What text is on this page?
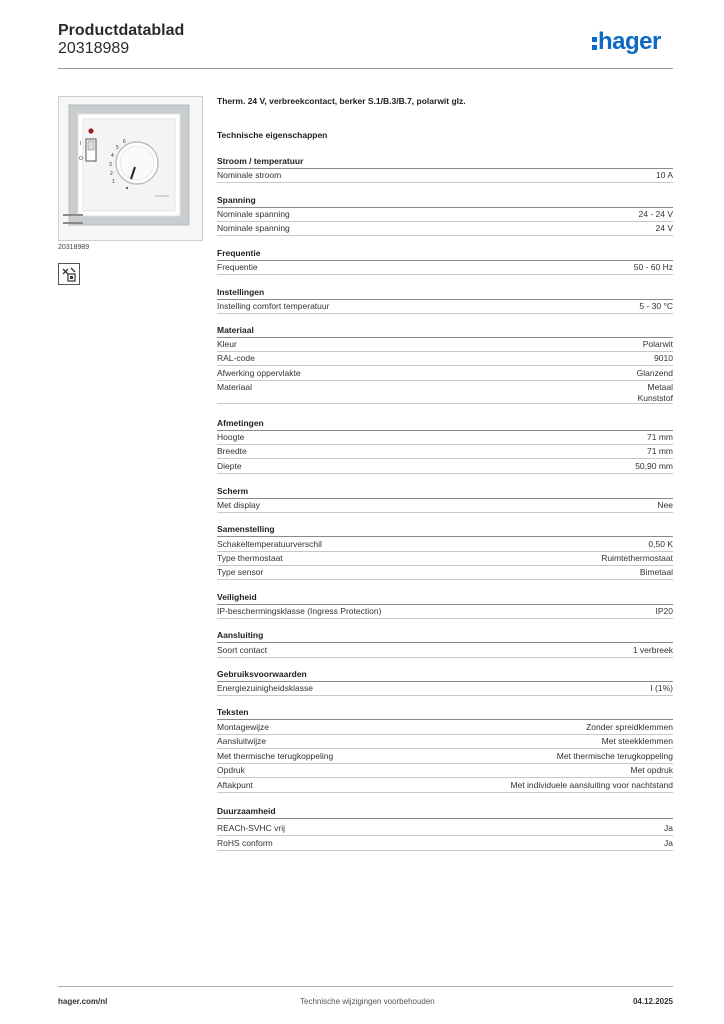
Productdatablad
20318989	hager
I
O
1
2
3
4
5
6
20318989
Therm. 24 V, verbreekcontact, berker S.1/B.3/B.7, polarwit glz.
Technische eigenschappen
Stroom / temperatuur
Nominale stroom	10 A
Spanning
Nominale spanning	24 - 24 V
Nominale spanning	24 V
Frequentie
Frequentie	50 - 60 Hz
Instellingen
Instelling comfort temperatuur	5 - 30 °C
Materiaal
Kleur	Polarwit
RAL-code	9010
Afwerking oppervlakte	Glanzend
Materiaal	Metaal
Kunststof
Afmetingen
Hoogte	71 mm
Breedte	71 mm
Diepte	50,90 mm
Scherm
Met display	Nee
Samenstelling
Schakeltemperatuurverschil	0,50 K
Type thermostaat	Ruimtethermostaat
Type sensor	Bimetaal
Veiligheid
IP-beschermingsklasse (Ingress Protection)	IP20
Aansluiting
Soort contact	1 verbreek
Gebruiksvoorwaarden
Energiezuinigheidsklasse	I (1%)
Teksten
Montagewijze	Zonder spreidklemmen
Aansluitwijze	Met steekklemmen
Met thermische terugkoppeling	Met thermische terugkoppeling
Opdruk	Met opdruk
Aftakpunt	Met individuele aansluiting voor nachtstand
Duurzaamheid
REACh-SVHC vrij	Ja
RoHS conform	Ja
hager.com/nl	Technische wijzigingen voorbehouden	04.12.2025
